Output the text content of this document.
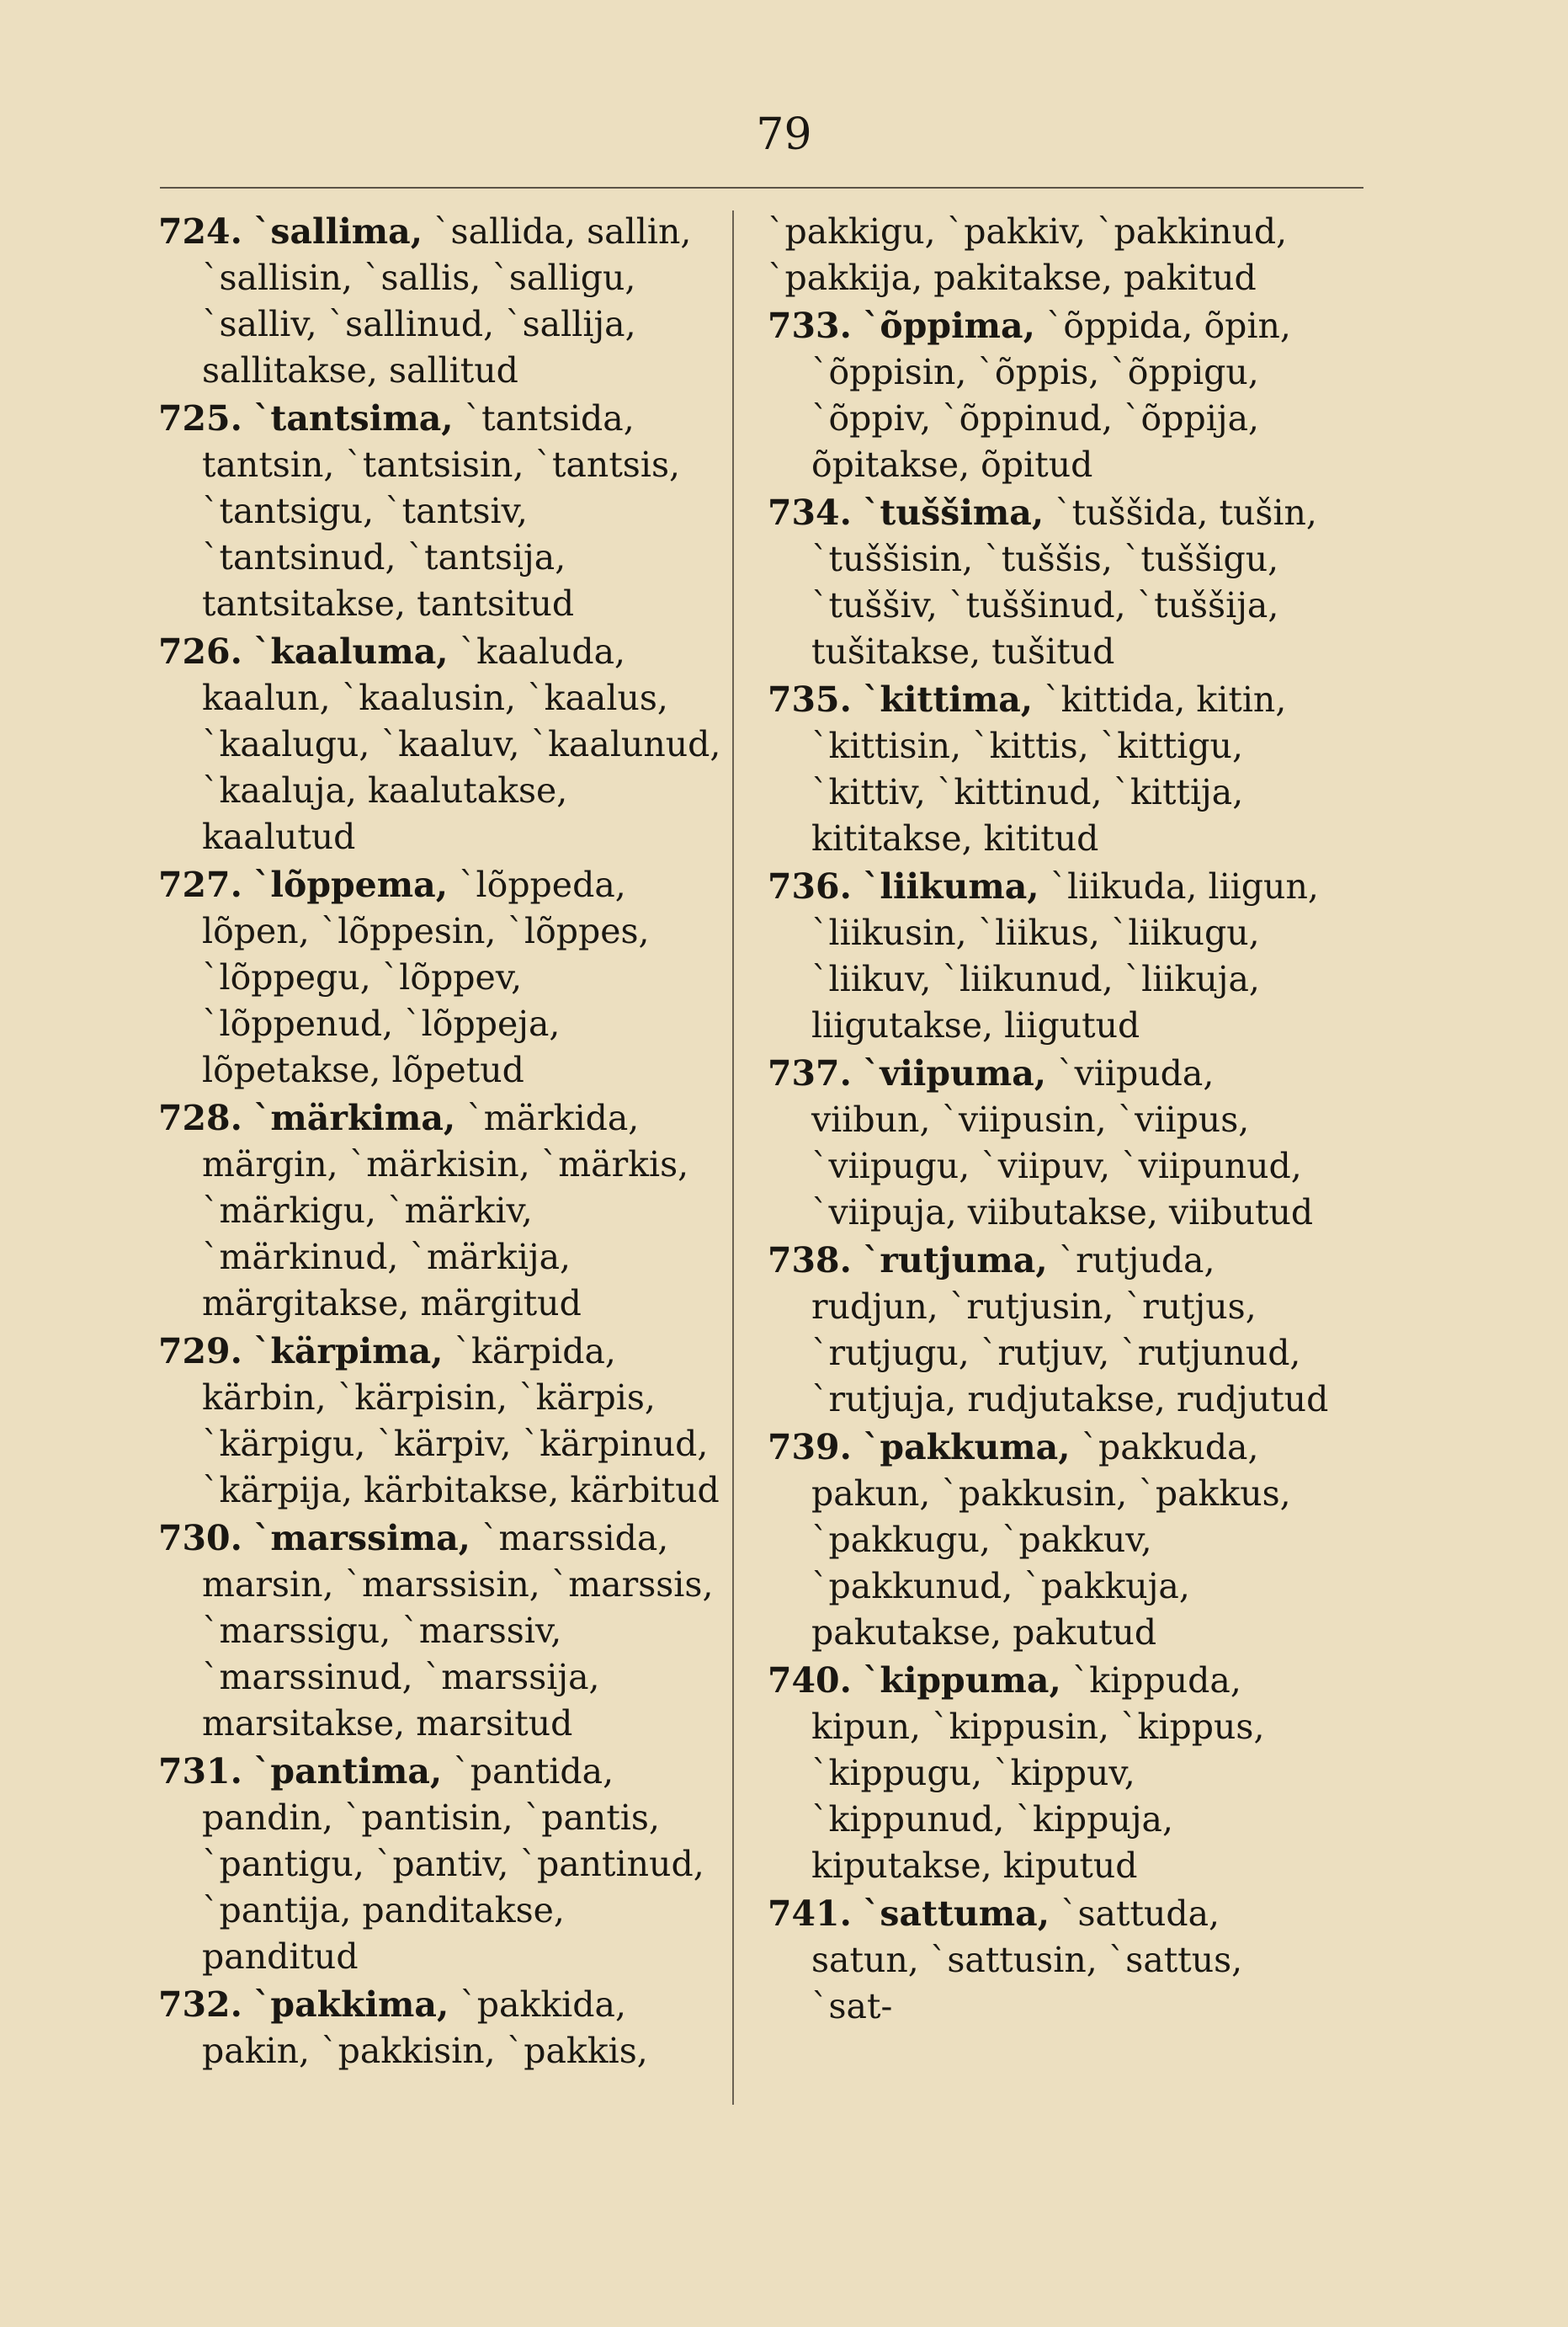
79

724. ˋsallima, ˋsallida, sallin, ˋsallisin, ˋsallis, ˋsalligu, ˋsalliv, ˋsallinud, ˋsallija, sallitakse, sallitud

725. ˋtantsima, ˋtantsida, tantsin, ˋtantsisin, ˋtantsis, ˋtantsigu, ˋtantsiv, ˋtantsinud, ˋtantsija, tantsitakse, tantsitud

726. ˋkaaluma, ˋkaaluda, kaalun, ˋkaalusin, ˋkaalus, ˋkaalugu, ˋkaaluv, ˋkaalunud, ˋkaaluja, kaalutakse, kaalutud

727. ˋlõppema, ˋlõppeda, lõpen, ˋlõppesin, ˋlõppes, ˋlõppegu, ˋlõppev, ˋlõppenud, ˋlõppeja, lõpetakse, lõpetud

728. ˋmärkima, ˋmärkida, märgin, ˋmärkisin, ˋmärkis, ˋmärkigu, ˋmärkiv, ˋmärkinud, ˋmärkija, märgitakse, märgitud

729. ˋkärpima, ˋkärpida, kärbin, ˋkärpisin, ˋkärpis, ˋkärpigu, ˋkärpiv, ˋkärpinud, ˋkärpija, kärbitakse, kärbitud

730. ˋmarssima, ˋmarssida, marsin, ˋmarssisin, ˋmarssis, ˋmarssigu, ˋmarssiv, ˋmarssinud, ˋmarssija, marsitakse, marsitud

731. ˋpantima, ˋpantida, pandin, ˋpantisin, ˋpantis, ˋpantigu, ˋpantiv, ˋpantinud, ˋpantija, panditakse, panditud

732. ˋpakkima, ˋpakkida, pakin, ˋpakkisin, ˋpakkis,

ˋpakkigu, ˋpakkiv, ˋpakkinud, ˋpakkija, pakitakse, pakitud

733. ˋõppima, ˋõppida, õpin, ˋõppisin, ˋõppis, ˋõppigu, ˋõppiv, ˋõppinud, ˋõppija, õpitakse, õpitud

734. ˋtuššima, ˋtuššida, tušin, ˋtuššisin, ˋtuššis, ˋtuššigu, ˋtuššiv, ˋtuššinud, ˋtuššija, tušitakse, tušitud

735. ˋkittima, ˋkittida, kitin, ˋkittisin, ˋkittis, ˋkittigu, ˋkittiv, ˋkittinud, ˋkittija, kititakse, kititud

736. ˋliikuma, ˋliikuda, liigun, ˋliikusin, ˋliikus, ˋliikugu, ˋliikuv, ˋliikunud, ˋliikuja, liigutakse, liigutud

737. ˋviipuma, ˋviipuda, viibun, ˋviipusin, ˋviipus, ˋviipugu, ˋviipuv, ˋviipunud, ˋviipuja, viibutakse, viibutud

738. ˋrutjuma, ˋrutjuda, rudjun, ˋrutjusin, ˋrutjus, ˋrutjugu, ˋrutjuv, ˋrutjunud, ˋrutjuja, rudjutakse, rudjutud

739. ˋpakkuma, ˋpakkuda, pakun, ˋpakkusin, ˋpakkus, ˋpakkugu, ˋpakkuv, ˋpakkunud, ˋpakkuja, pakutakse, pakutud

740. ˋkippuma, ˋkippuda, kipun, ˋkippusin, ˋkippus, ˋkippugu, ˋkippuv, ˋkippunud, ˋkippuja, kiputakse, kiputud

741. ˋsattuma, ˋsattuda, satun, ˋsattusin, ˋsattus, ˋsat-
